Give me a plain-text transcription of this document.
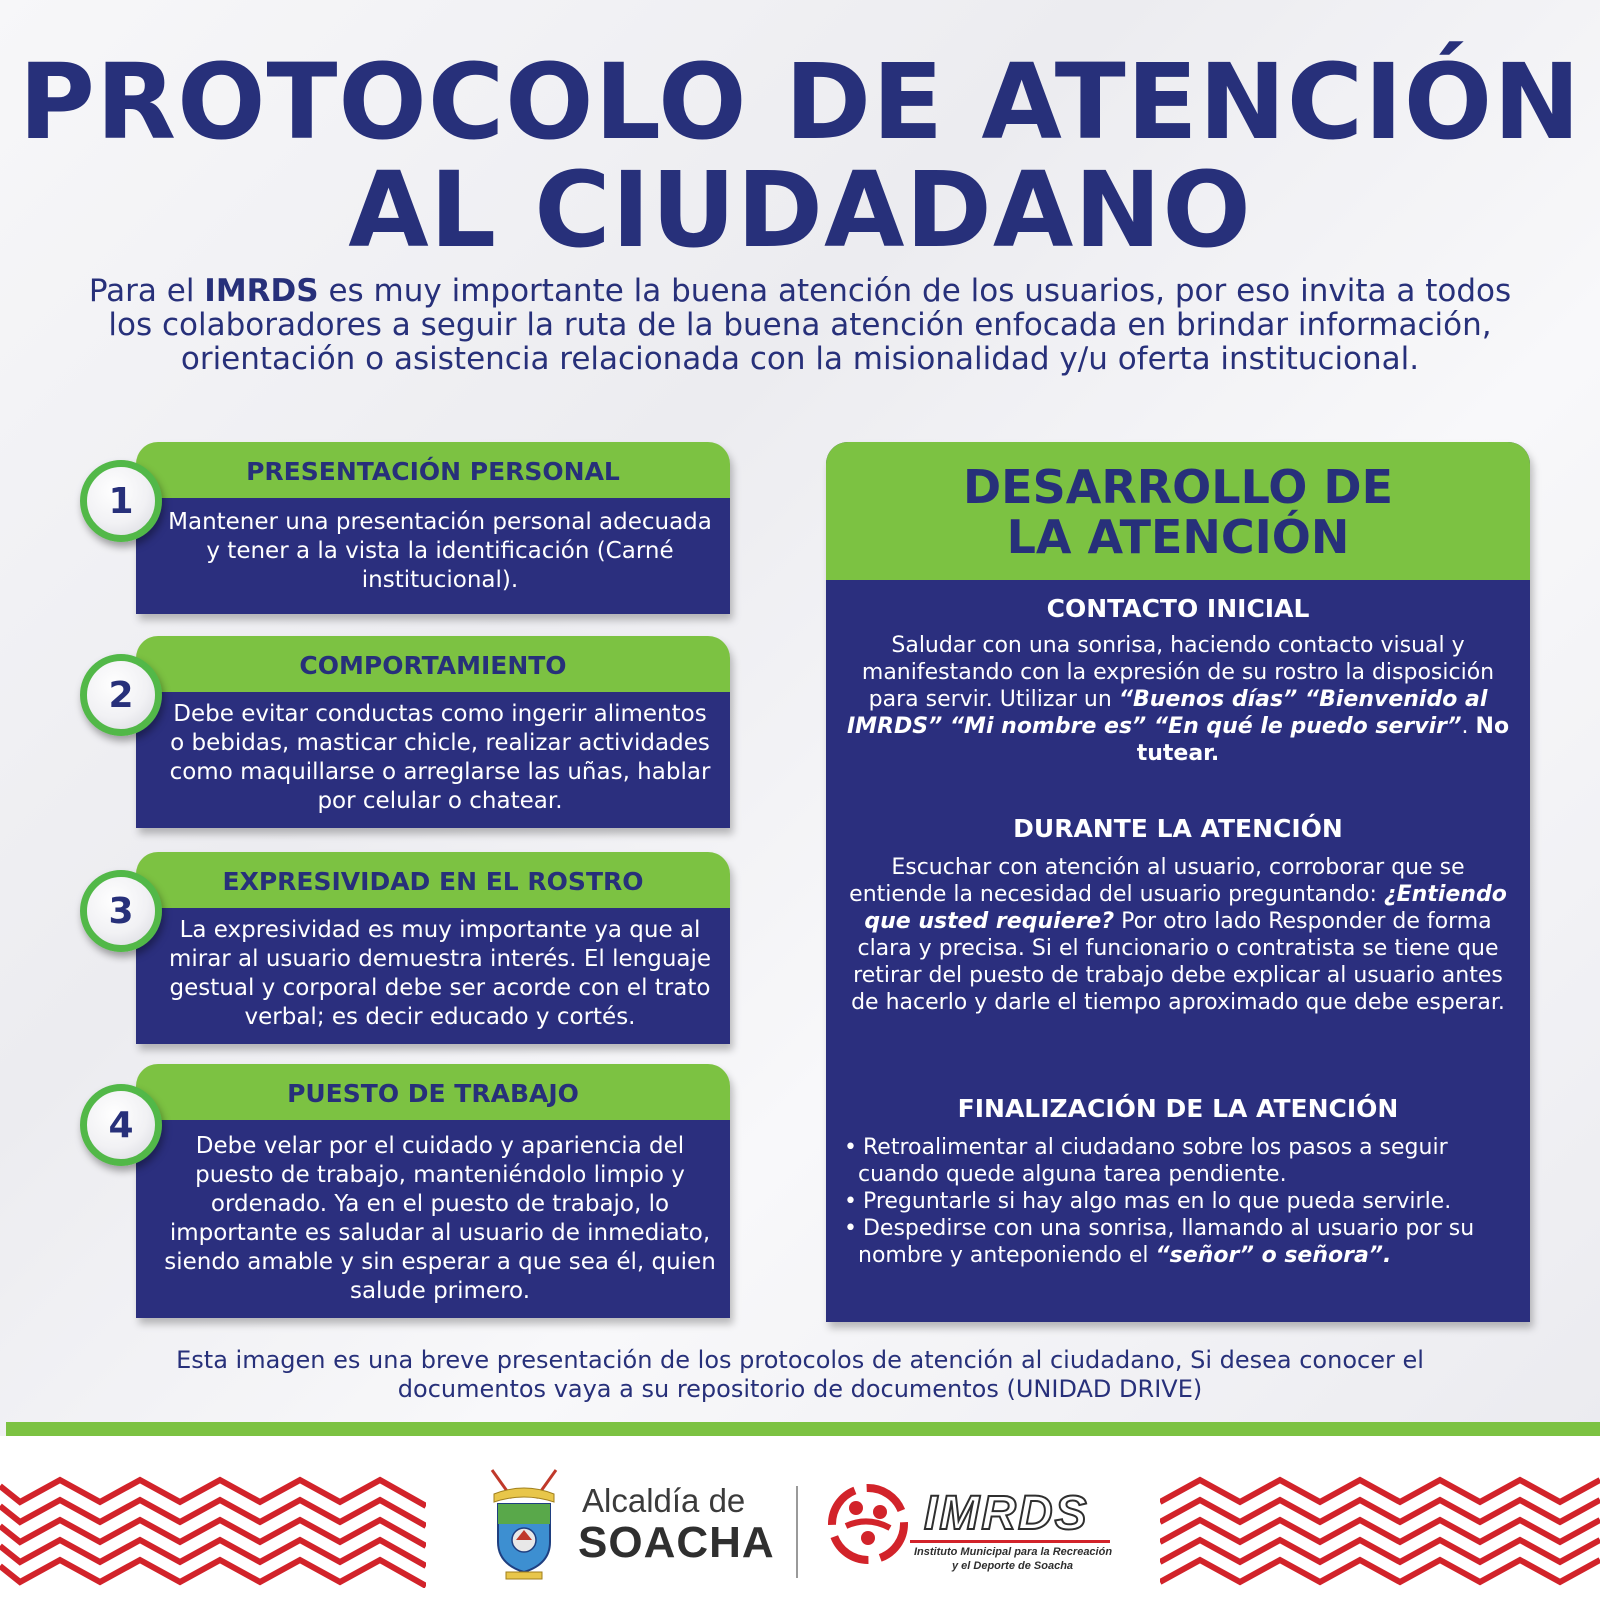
PROTOCOLO DE ATENCIÓN
AL CIUDADANO
Para el IMRDS es muy importante la buena atención de los usuarios, por eso invita a todos los colaboradores a seguir la ruta de la buena atención enfocada en brindar información, orientación o asistencia relacionada con la misionalidad y/u oferta institucional.
PRESENTACIÓN PERSONAL
Mantener una presentación personal adecuada y tener a la vista la identificación (Carné institucional).
1
COMPORTAMIENTO
Debe evitar conductas como ingerir alimentos o bebidas, masticar chicle, realizar actividades como maquillarse o arreglarse las uñas, hablar por celular o chatear.
2
EXPRESIVIDAD EN EL ROSTRO
La expresividad es muy importante ya que al mirar al usuario demuestra interés. El lenguaje gestual y corporal debe ser acorde con el trato verbal; es decir educado y cortés.
3
PUESTO DE TRABAJO
Debe velar por el cuidado y apariencia del puesto de trabajo, manteniéndolo limpio y ordenado. Ya en el puesto de trabajo, lo importante es saludar al usuario de inmediato, siendo amable y sin esperar a que sea él, quien salude primero.
4
DESARROLLO DE
LA ATENCIÓN
CONTACTO INICIAL
Saludar con una sonrisa, haciendo contacto visual y manifestando con la expresión de su rostro la disposición para servir. Utilizar un “Buenos días” “Bienvenido al IMRDS” “Mi nombre es” “En qué le puedo servir”. No tutear.
DURANTE LA ATENCIÓN
Escuchar con atención al usuario, corroborar que se entiende la necesidad del usuario preguntando: ¿Entiendo que usted requiere? Por otro lado Responder de forma clara y precisa. Si el funcionario o contratista se tiene que retirar del puesto de trabajo debe explicar al usuario antes de hacerlo y darle el tiempo aproximado que debe esperar.
FINALIZACIÓN DE LA ATENCIÓN
• Retroalimentar al ciudadano sobre los pasos a seguir cuando quede alguna tarea pendiente.
• Preguntarle si hay algo mas en lo que pueda servirle.
• Despedirse con una sonrisa, llamando al usuario por su nombre y anteponiendo el “señor” o señora”.
Esta imagen es una breve presentación de los protocolos de atención al ciudadano, Si desea conocer el documentos vaya a su repositorio de documentos (UNIDAD DRIVE)
Alcaldía de
SOACHA
IMRDS
Instituto Municipal para la Recreación
y el Deporte de Soacha
